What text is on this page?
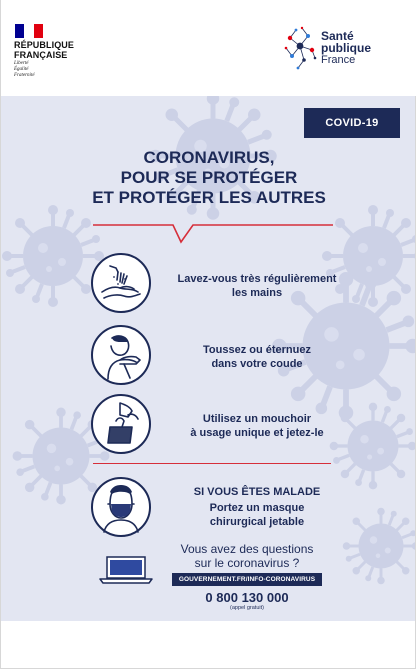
RÉPUBLIQUE
FRANÇAISE

Liberté
Égalité
Fraternité
Santé
publique
France
COVID-19
CORONAVIRUS,
POUR SE PROTÉGER
ET PROTÉGER LES AUTRES
Lavez-vous très régulièrement
les mains
Toussez ou éternuez
dans votre coude
Utilisez un mouchoir
à usage unique et jetez-le
SI VOUS ÊTES MALADE
Portez un masque
chirurgical jetable
Vous avez des questions
sur le coronavirus ?
GOUVERNEMENT.FR/INFO-CORONAVIRUS
0 800 130 000
(appel gratuit)
